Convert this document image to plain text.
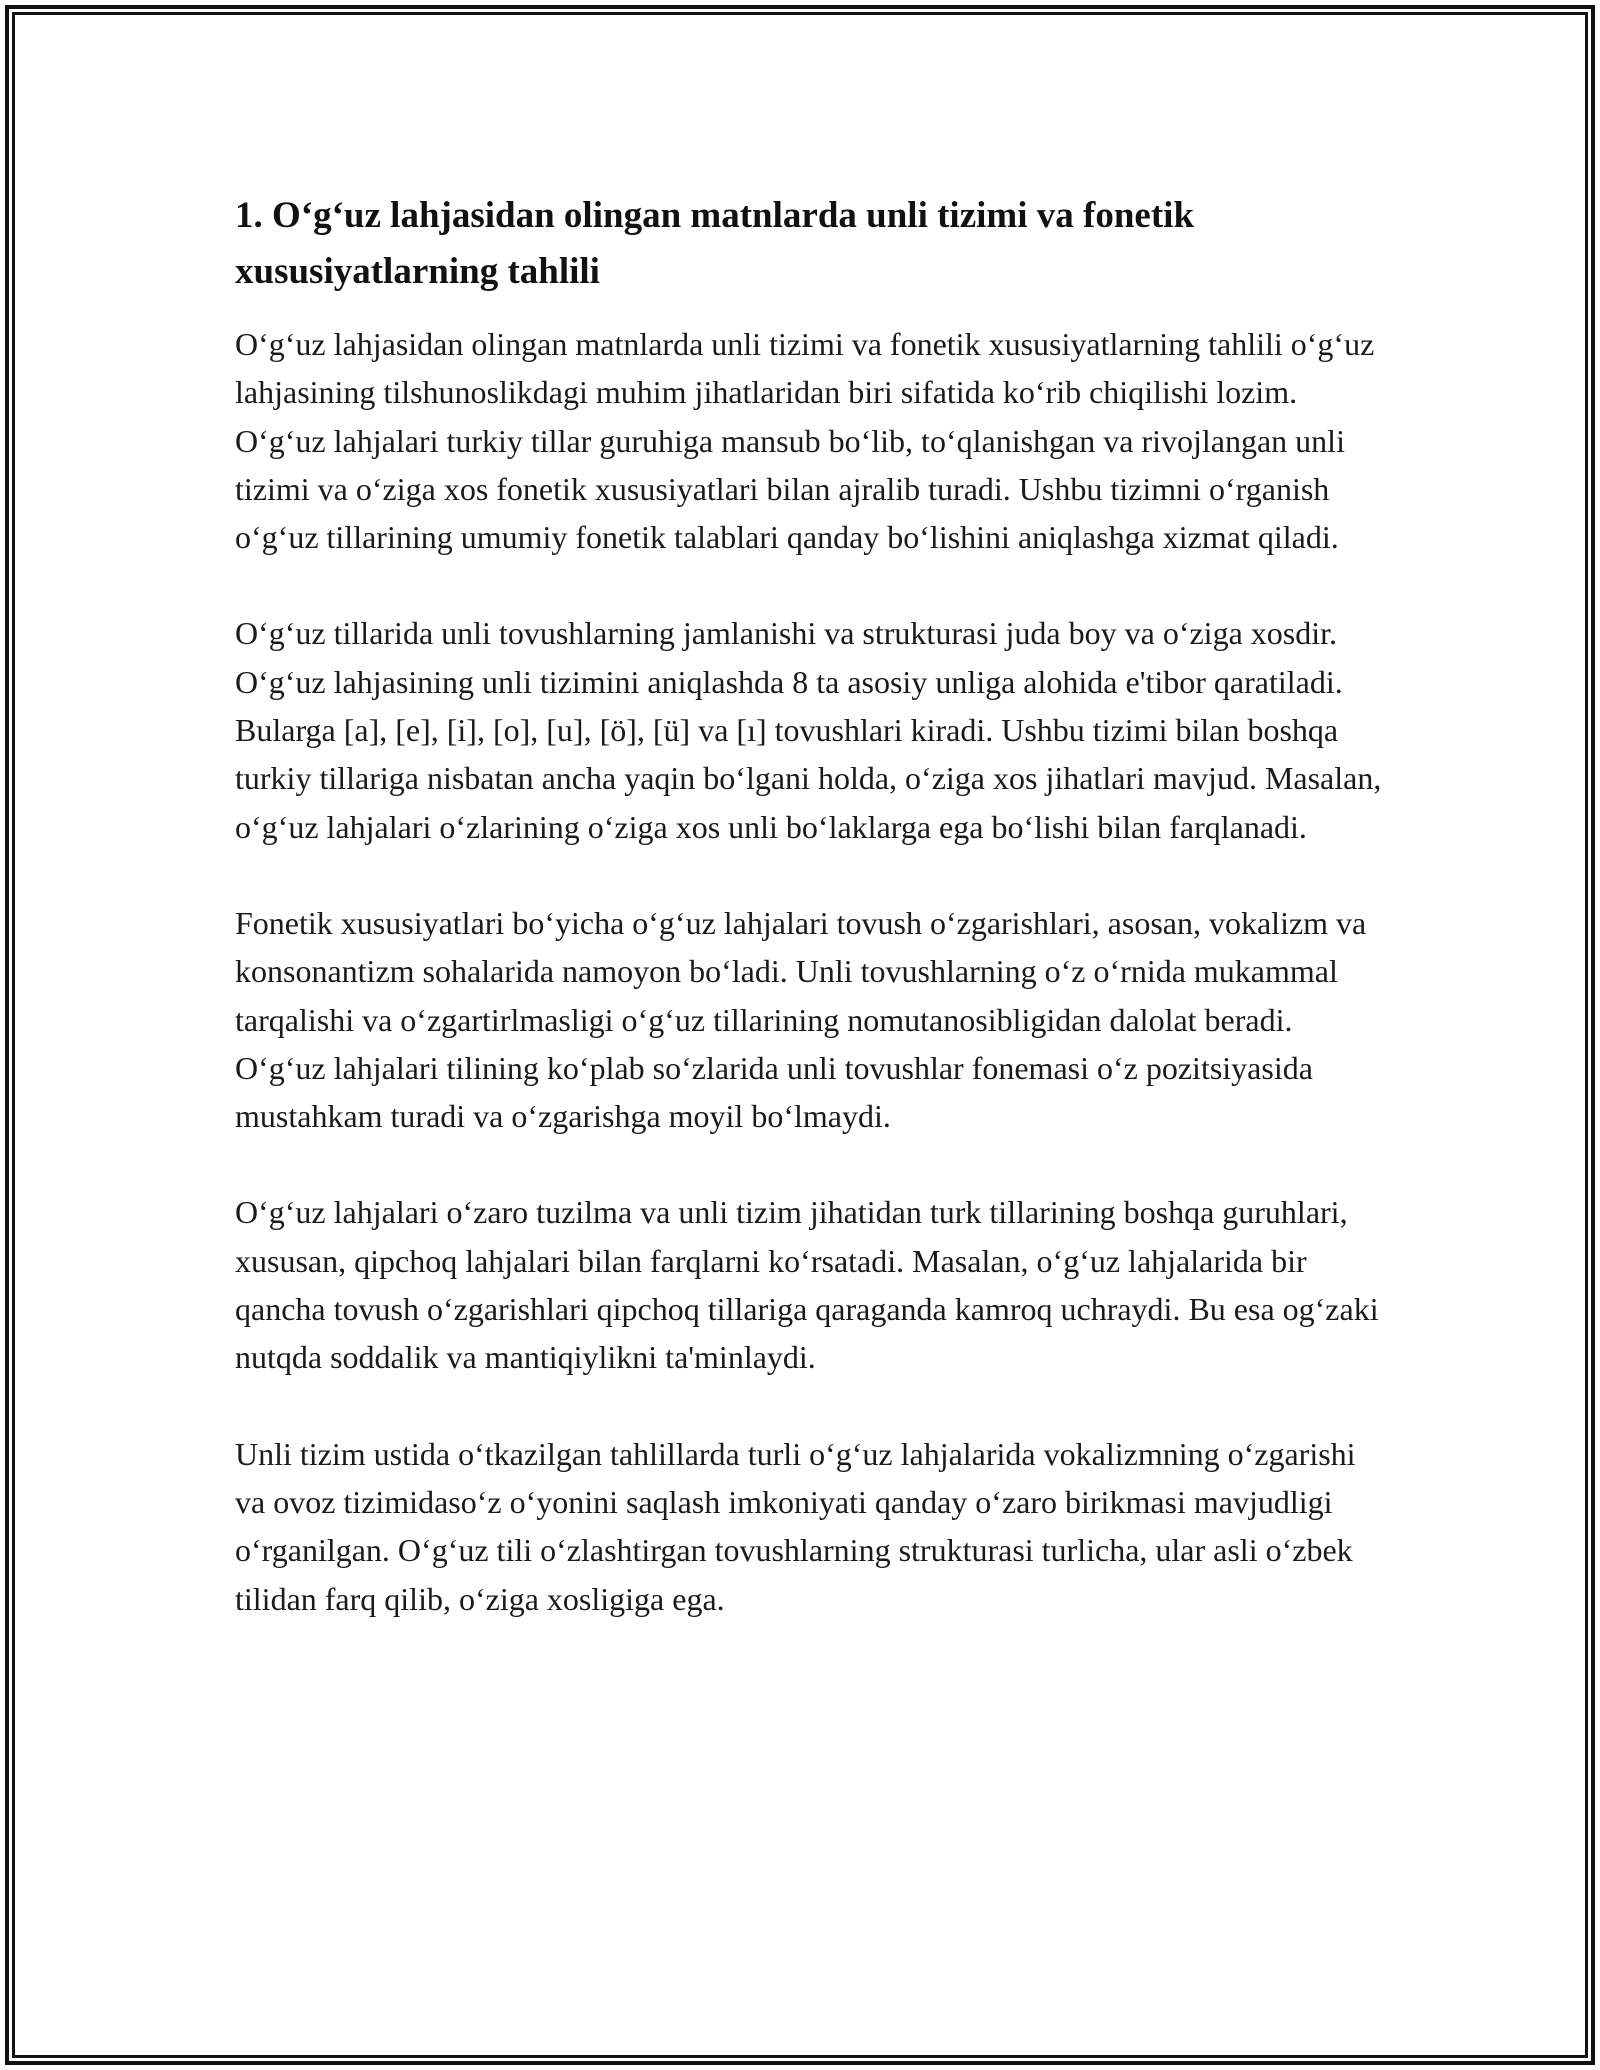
1. O‘g‘uz lahjasidan olingan matnlarda unli tizimi va fonetik xususiyatlarning tahlili

O‘g‘uz lahjasidan olingan matnlarda unli tizimi va fonetik xususiyatlarning tahlili o‘g‘uz lahjasining tilshunoslikdagi muhim jihatlaridan biri sifatida ko‘rib chiqilishi lozim. O‘g‘uz lahjalari turkiy tillar guruhiga mansub bo‘lib, to‘qlanishgan va rivojlangan unli tizimi va o‘ziga xos fonetik xususiyatlari bilan ajralib turadi. Ushbu tizimni o‘rganish o‘g‘uz tillarining umumiy fonetik talablari qanday bo‘lishini aniqlashga xizmat qiladi.

O‘g‘uz tillarida unli tovushlarning jamlanishi va strukturasi juda boy va o‘ziga xosdir. O‘g‘uz lahjasining unli tizimini aniqlashda 8 ta asosiy unliga alohida e'tibor qaratiladi. Bularga [a], [e], [i], [o], [u], [ö], [ü] va [ı] tovushlari kiradi. Ushbu tizimi bilan boshqa turkiy tillariga nisbatan ancha yaqin bo‘lgani holda, o‘ziga xos jihatlari mavjud. Masalan, o‘g‘uz lahjalari o‘zlarining o‘ziga xos unli bo‘laklarga ega bo‘lishi bilan farqlanadi.

Fonetik xususiyatlari bo‘yicha o‘g‘uz lahjalari tovush o‘zgarishlari, asosan, vokalizm va konsonantizm sohalarida namoyon bo‘ladi. Unli tovushlarning o‘z o‘rnida mukammal tarqalishi va o‘zgartirlmasligi o‘g‘uz tillarining nomutanosibligidan dalolat beradi. O‘g‘uz lahjalari tilining ko‘plab so‘zlarida unli tovushlar fonemasi o‘z pozitsiyasida mustahkam turadi va o‘zgarishga moyil bo‘lmaydi.

O‘g‘uz lahjalari o‘zaro tuzilma va unli tizim jihatidan turk tillarining boshqa guruhlari, xususan, qipchoq lahjalari bilan farqlarni ko‘rsatadi. Masalan, o‘g‘uz lahjalarida bir qancha tovush o‘zgarishlari qipchoq tillariga qaraganda kamroq uchraydi. Bu esa og‘zaki nutqda soddalik va mantiqiylikni ta'minlaydi.

Unli tizim ustida o‘tkazilgan tahlillarda turli o‘g‘uz lahjalarida vokalizmning o‘zgarishi va ovoz tizimidaso‘z o‘yonini saqlash imkoniyati qanday o‘zaro birikmasi mavjudligi o‘rganilgan. O‘g‘uz tili o‘zlashtirgan tovushlarning strukturasi turlicha, ular asli o‘zbek tilidan farq qilib, o‘ziga xosligiga ega.
